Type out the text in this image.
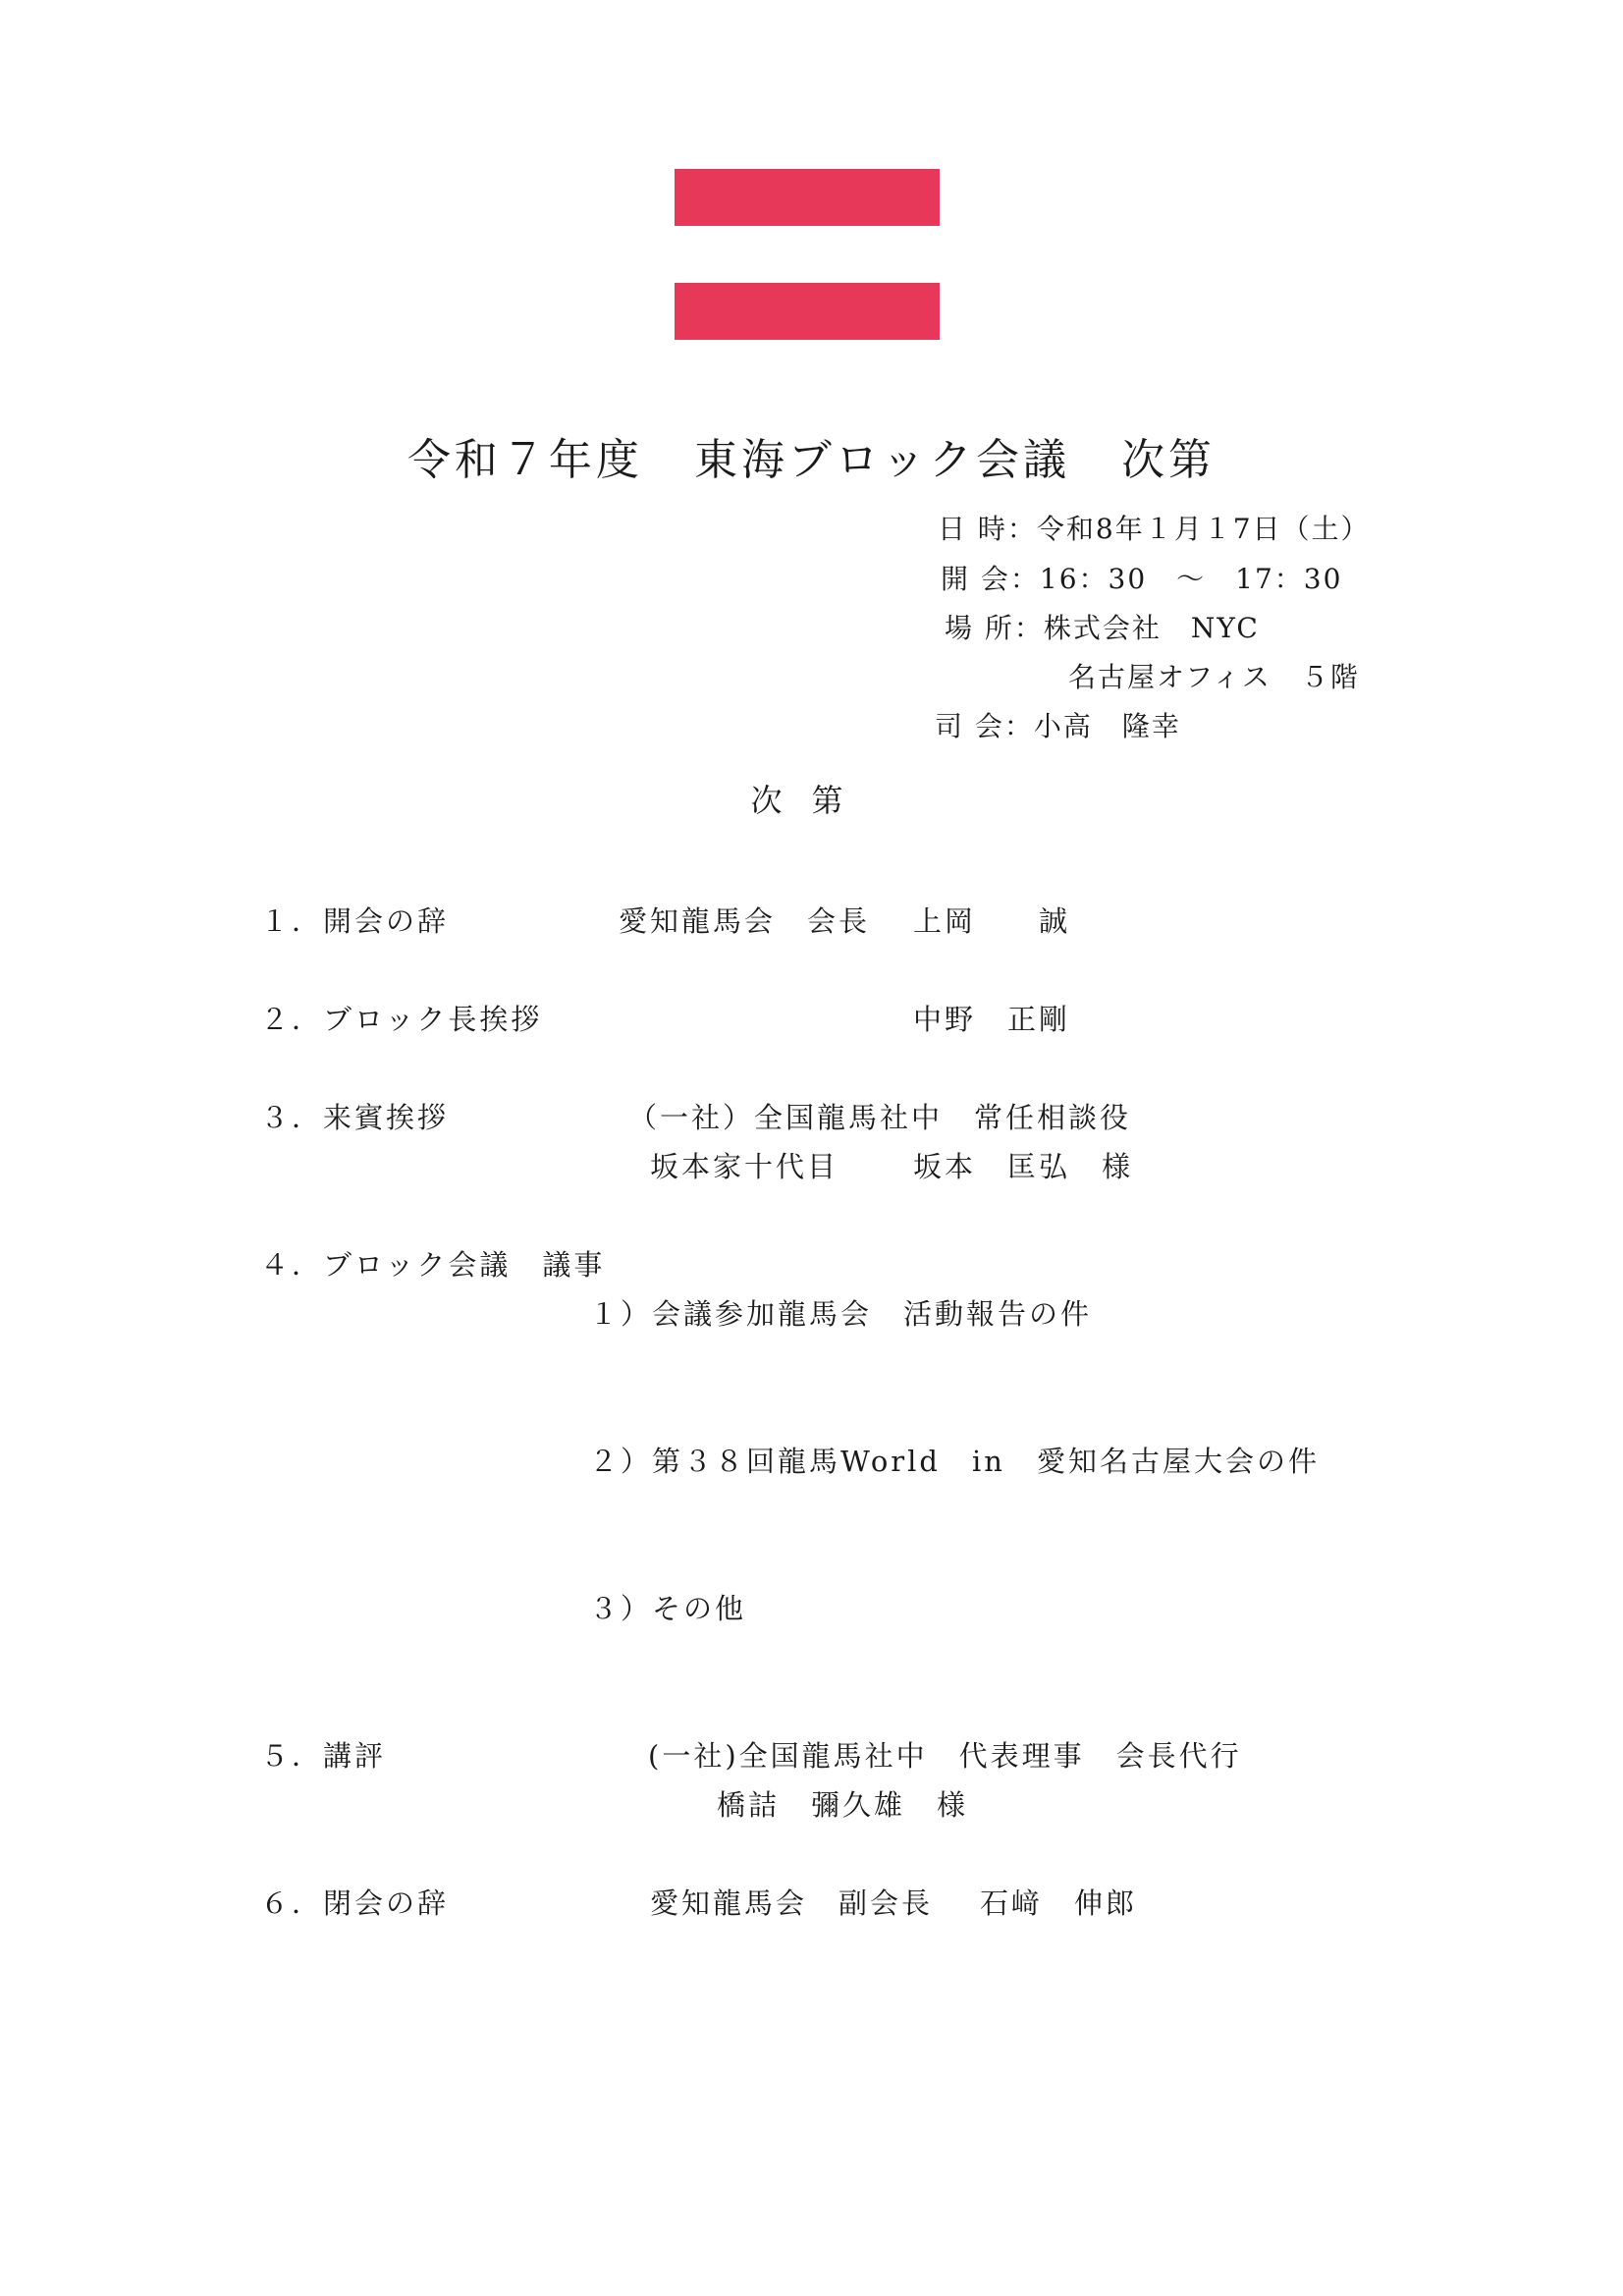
令和７年度 東海ブロック会議 次第
日 時：令和8年１月１7日（土）
開 会：16：30　～　17：30
場 所：株式会社　NYC
名古屋オフィス　５階
司 会：小高　隆幸
次第
１．開会の辞	愛知龍馬会　会長 上岡　　誠
２．ブロック長挨拶	中野　正剛
３．来賓挨拶	（一社）全国龍馬社中　常任相談役
坂本家十代目	坂本　匡弘　様
４．ブロック会議　議事
１）会議参加龍馬会　活動報告の件
２）第３８回龍馬World　in　愛知名古屋大会の件
３）その他
５．講評	(一社)全国龍馬社中　代表理事　会長代行
橋詰　彌久雄　様
６．閉会の辞	愛知龍馬会　副会長 石﨑　伸郎
